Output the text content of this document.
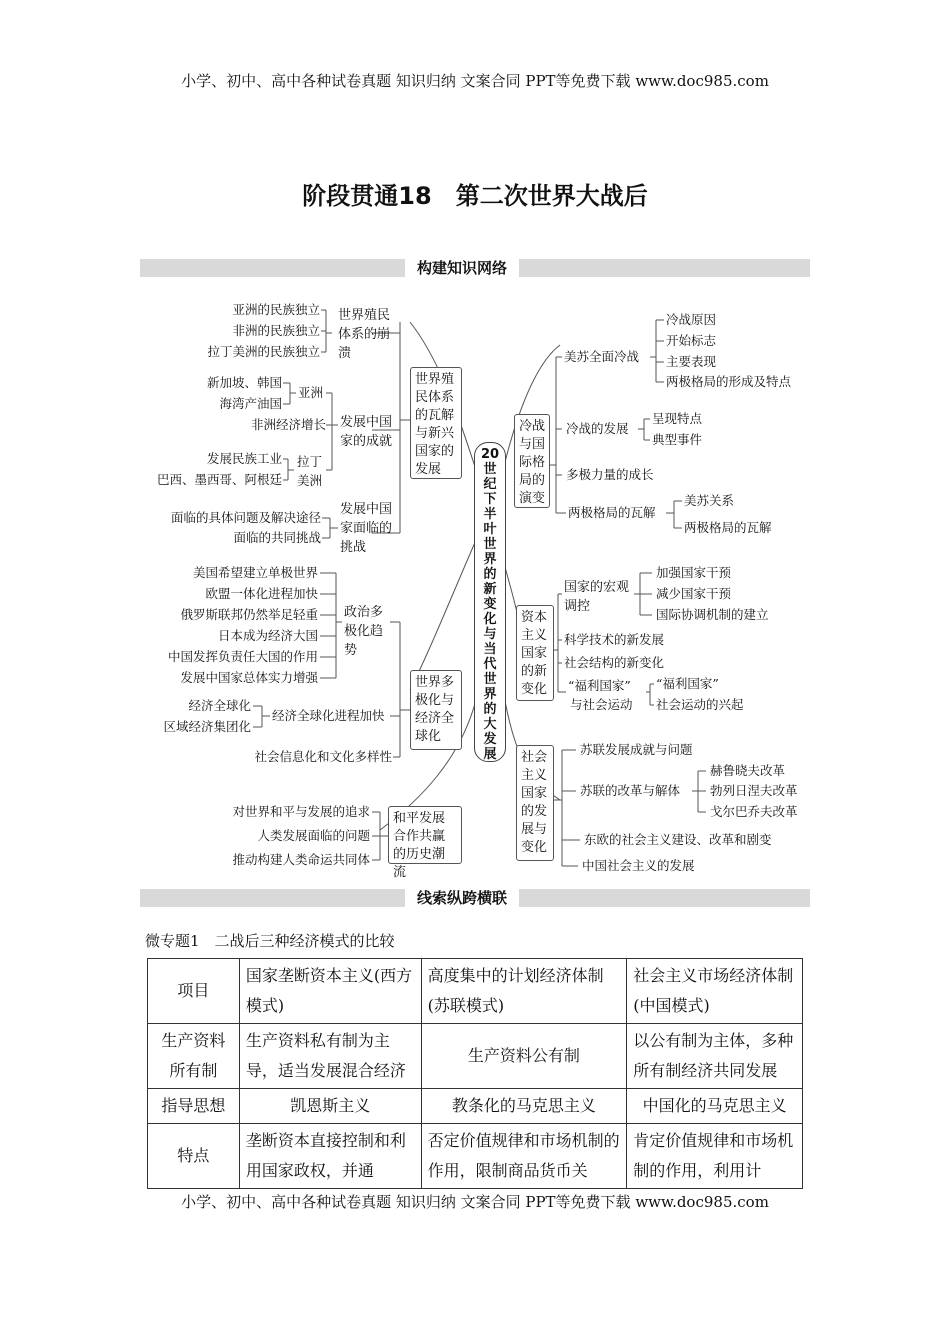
小学、初中、高中各种试卷真题 知识归纳 文案合同 PPT等免费下载 www.doc985.com
小学、初中、高中各种试卷真题 知识归纳 文案合同 PPT等免费下载 www.doc985.com
阶段贯通18　第二次世界大战后
构建知识网络
20世纪下半叶世界的新变化与当代世界的大发展
世界殖民体系的瓦解与新兴国家的发展
世界殖民体系的崩溃
亚洲的民族独立
非洲的民族独立
拉丁美洲的民族独立
发展中国家的成就
亚洲
新加坡、韩国
海湾产油国
非洲经济增长
拉丁美洲
发展民族工业
巴西、墨西哥、阿根廷
发展中国家面临的挑战
面临的具体问题及解决途径
面临的共同挑战
世界多极化与经济全球化
政治多极化趋势
美国希望建立单极世界
欧盟一体化进程加快
俄罗斯联邦仍然举足轻重
日本成为经济大国
中国发挥负责任大国的作用
发展中国家总体实力增强
经济全球化进程加快
经济全球化
区域经济集团化
社会信息化和文化多样性
和平发展合作共赢的历史潮流
对世界和平与发展的追求
人类发展面临的问题
推动构建人类命运共同体
冷战与国际格局的演变
美苏全面冷战
冷战原因
开始标志
主要表现
两极格局的形成及特点
冷战的发展
呈现特点
典型事件
多极力量的成长
两极格局的瓦解
美苏关系
两极格局的瓦解
资本主义国家的新变化
国家的宏观调控
加强国家干预
减少国家干预
国际协调机制的建立
科学技术的新发展
社会结构的新变化
“福利国家”
与社会运动
“福利国家”
社会运动的兴起
社会主义国家的发展与变化
苏联发展成就与问题
苏联的改革与解体
赫鲁晓夫改革
勃列日涅夫改革
戈尔巴乔夫改革
东欧的社会主义建设、改革和剧变
中国社会主义的发展
线索纵跨横联
微专题1　二战后三种经济模式的比较
项目	国家垄断资本主义(西方模式)	高度集中的计划经济体制(苏联模式)	社会主义市场经济体制(中国模式)
生产资料所有制	生产资料私有制为主导，适当发展混合经济	生产资料公有制	以公有制为主体，多种所有制经济共同发展
指导思想	凯恩斯主义	教条化的马克思主义	中国化的马克思主义
特点	垄断资本直接控制和利用国家政权，并通	否定价值规律和市场机制的作用，限制商品货币关	肯定价值规律和市场机制的作用，利用计
